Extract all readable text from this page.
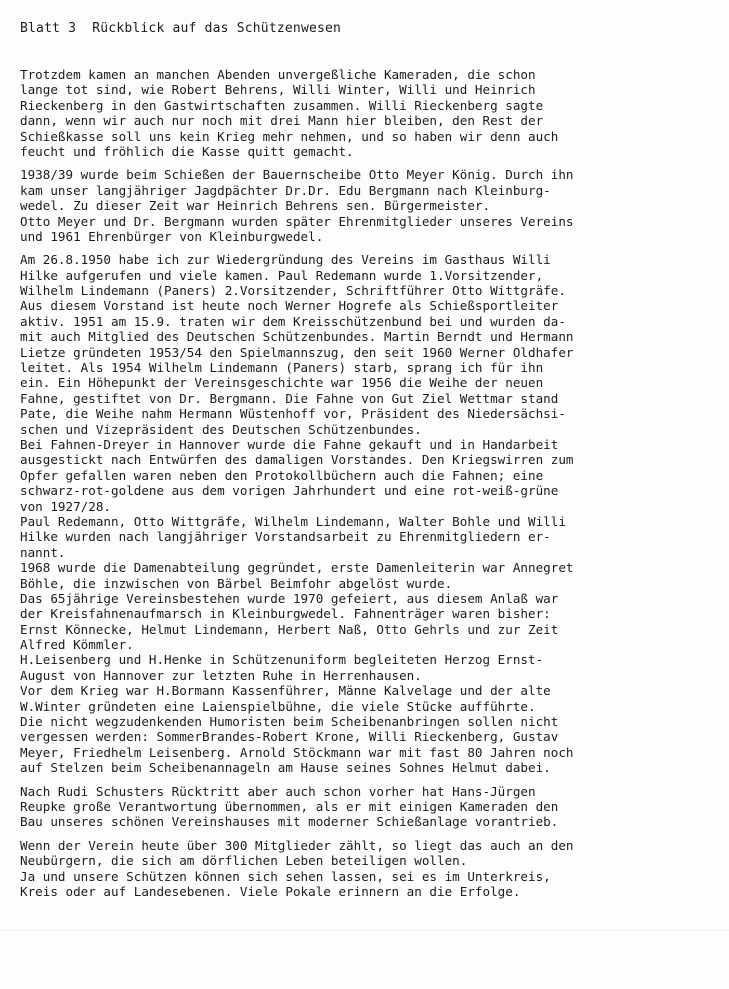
Blatt 3 Rückblick auf das Schützenwesen
Trotzdem kamen an manchen Abenden unvergeßliche Kameraden, die schon
lange tot sind, wie Robert Behrens, Willi Winter, Willi und Heinrich
Rieckenberg in den Gastwirtschaften zusammen. Willi Rieckenberg sagte
dann, wenn wir auch nur noch mit drei Mann hier bleiben, den Rest der
Schießkasse soll uns kein Krieg mehr nehmen, und so haben wir denn auch
feucht und fröhlich die Kasse quitt gemacht.
1938/39 wurde beim Schießen der Bauernscheibe Otto Meyer König. Durch ihn
kam unser langjähriger Jagdpächter Dr.Dr. Edu Bergmann nach Kleinburg-
wedel. Zu dieser Zeit war Heinrich Behrens sen. Bürgermeister.
Otto Meyer und Dr. Bergmann wurden später Ehrenmitglieder unseres Vereins
und 1961 Ehrenbürger von Kleinburgwedel.
Am 26.8.1950 habe ich zur Wiedergründung des Vereins im Gasthaus Willi
Hilke aufgerufen und viele kamen. Paul Redemann wurde 1.Vorsitzender,
Wilhelm Lindemann (Paners) 2.Vorsitzender, Schriftführer Otto Wittgräfe.
Aus diesem Vorstand ist heute noch Werner Hogrefe als Schießsportleiter
aktiv. 1951 am 15.9. traten wir dem Kreisschützenbund bei und wurden da-
mit auch Mitglied des Deutschen Schützenbundes. Martin Berndt und Hermann
Lietze gründeten 1953/54 den Spielmannszug, den seit 1960 Werner Oldhafer
leitet. Als 1954 Wilhelm Lindemann (Paners) starb, sprang ich für ihn
ein. Ein Höhepunkt der Vereinsgeschichte war 1956 die Weihe der neuen
Fahne, gestiftet von Dr. Bergmann. Die Fahne von Gut Ziel Wettmar stand
Pate, die Weihe nahm Hermann Wüstenhoff vor, Präsident des Niedersächsi-
schen und Vizepräsident des Deutschen Schützenbundes.
Bei Fahnen-Dreyer in Hannover wurde die Fahne gekauft und in Handarbeit
ausgestickt nach Entwürfen des damaligen Vorstandes. Den Kriegswirren zum
Opfer gefallen waren neben den Protokollbüchern auch die Fahnen; eine
schwarz-rot-goldene aus dem vorigen Jahrhundert und eine rot-weiß-grüne
von 1927/28.
Paul Redemann, Otto Wittgräfe, Wilhelm Lindemann, Walter Bohle und Willi
Hilke wurden nach langjähriger Vorstandsarbeit zu Ehrenmitgliedern er-
nannt.
1968 wurde die Damenabteilung gegründet, erste Damenleiterin war Annegret
Böhle, die inzwischen von Bärbel Beimfohr abgelöst wurde.
Das 65jährige Vereinsbestehen wurde 1970 gefeiert, aus diesem Anlaß war
der Kreisfahnenaufmarsch in Kleinburgwedel. Fahnenträger waren bisher:
Ernst Könnecke, Helmut Lindemann, Herbert Naß, Otto Gehrls und zur Zeit
Alfred Kömmler.
H.Leisenberg und H.Henke in Schützenuniform begleiteten Herzog Ernst-
August von Hannover zur letzten Ruhe in Herrenhausen.
Vor dem Krieg war H.Bormann Kassenführer, Männe Kalvelage und der alte
W.Winter gründeten eine Laienspielbühne, die viele Stücke aufführte.
Die nicht wegzudenkenden Humoristen beim Scheibenanbringen sollen nicht
vergessen werden: SommerBrandes-Robert Krone, Willi Rieckenberg, Gustav
Meyer, Friedhelm Leisenberg. Arnold Stöckmann war mit fast 80 Jahren noch
auf Stelzen beim Scheibenannageln am Hause seines Sohnes Helmut dabei.
Nach Rudi Schusters Rücktritt aber auch schon vorher hat Hans-Jürgen
Reupke große Verantwortung übernommen, als er mit einigen Kameraden den
Bau unseres schönen Vereinshauses mit moderner Schießanlage vorantrieb.
Wenn der Verein heute über 300 Mitglieder zählt, so liegt das auch an den
Neubürgern, die sich am dörflichen Leben beteiligen wollen.
Ja und unsere Schützen können sich sehen lassen, sei es im Unterkreis,
Kreis oder auf Landesebenen. Viele Pokale erinnern an die Erfolge.
